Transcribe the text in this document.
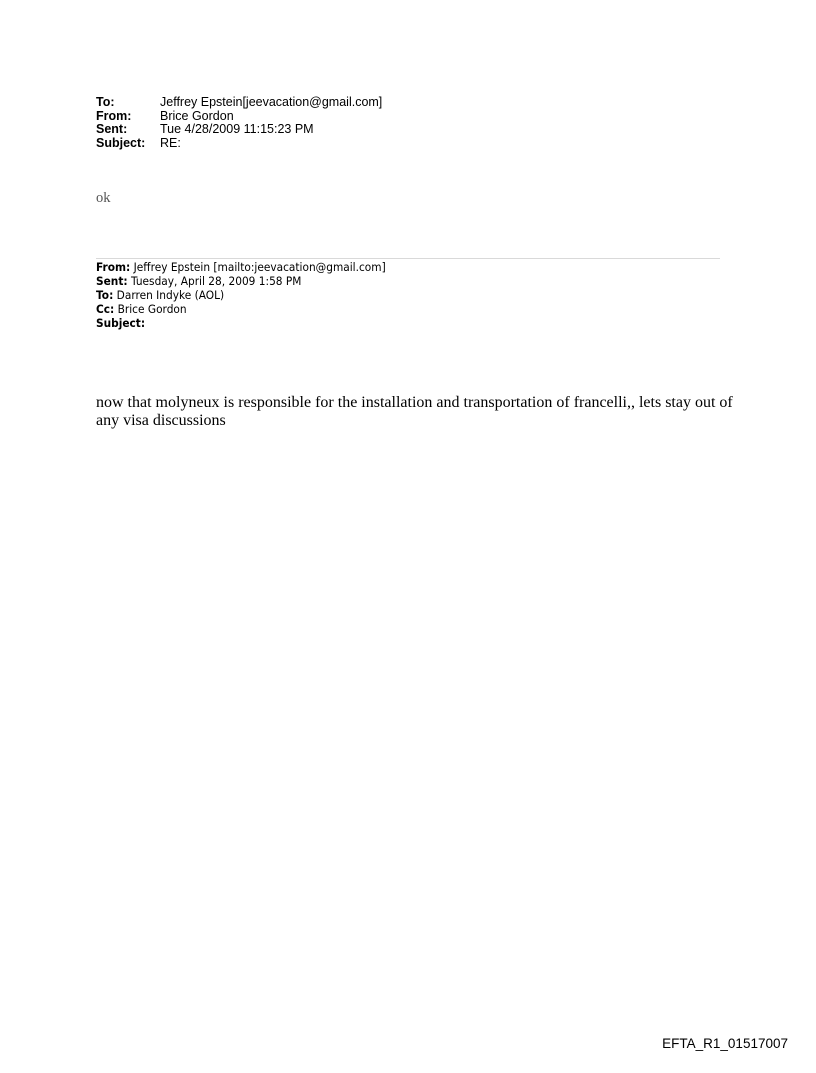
To:	Jeffrey Epstein[jeevacation@gmail.com]
From:	Brice Gordon
Sent:	Tue 4/28/2009 11:15:23 PM
Subject:	RE:
ok
From: Jeffrey Epstein [mailto:jeevacation@gmail.com]
Sent: Tuesday, April 28, 2009 1:58 PM
To: Darren Indyke (AOL)
Cc: Brice Gordon
Subject:
now that molyneux is responsible for the installation and transportation of francelli,, lets stay out of any visa discussions
EFTA_R1_01517007
